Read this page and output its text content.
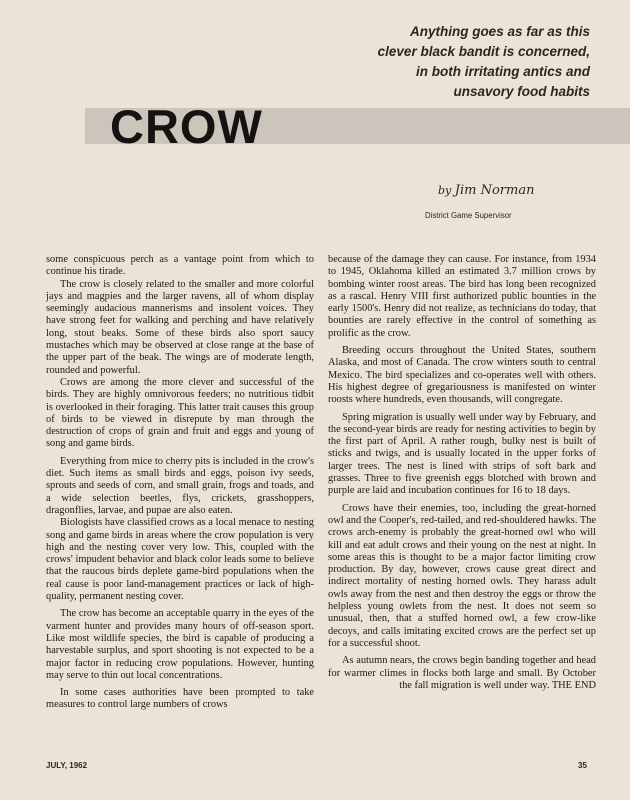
Anything goes as far as this
clever black bandit is concerned,
in both irritating antics and
unsavory food habits
CROW
by Jim Norman
District Game Supervisor

some conspicuous perch as a vantage point from which to continue his tirade.

The crow is closely related to the smaller and more colorful jays and magpies and the larger ravens, all of whom display seemingly audacious mannerisms and insolent voices. They have strong feet for walking and perching and have relatively long, stout beaks. Some of these birds also sport saucy mustaches which may be observed at close range at the base of the upper part of the beak. The wings are of moderate length, rounded and powerful.

Crows are among the more clever and successful of the birds. They are highly omnivorous feeders; no nutritious tidbit is overlooked in their foraging. This latter trait causes this group of birds to be viewed in disrepute by man through the destruction of crops of grain and fruit and eggs and young of song and game birds.

Everything from mice to cherry pits is included in the crow's diet. Such items as small birds and eggs, poison ivy seeds, sprouts and seeds of corn, and small grain, frogs and toads, and a wide selection beetles, flys, crickets, grasshoppers, dragonflies, larvae, and pupae are also eaten.

Biologists have classified crows as a local menace to nesting song and game birds in areas where the crow population is very high and the nesting cover very low. This, coupled with the crows' impudent behavior and black color leads some to believe that the raucous birds deplete game-bird populations when the real cause is poor land-management practices or lack of high-quality, permanent nesting cover.

The crow has become an acceptable quarry in the eyes of the varment hunter and provides many hours of off-season sport. Like most wildlife species, the bird is capable of producing a harvestable surplus, and sport shooting is not expected to be a major factor in reducing crow populations. However, hunting may serve to thin out local concentrations.

In some cases authorities have been prompted to take measures to control large numbers of crows

because of the damage they can cause. For instance, from 1934 to 1945, Oklahoma killed an estimated 3.7 million crows by bombing winter roost areas. The bird has long been recognized as a rascal. Henry VIII first authorized public bounties in the early 1500's. Henry did not realize, as technicians do today, that bounties are rarely effective in the control of something as prolific as the crow.

Breeding occurs throughout the United States, southern Alaska, and most of Canada. The crow winters south to central Mexico. The bird specializes and co-operates well with others. His highest degree of gregariousness is manifested on winter roosts where hundreds, even thousands, will congregate.

Spring migration is usually well under way by February, and the second-year birds are ready for nesting activities to begin by the first part of April. A rather rough, bulky nest is built of sticks and twigs, and is usually located in the upper forks of larger trees. The nest is lined with strips of soft bark and grasses. Three to five greenish eggs blotched with brown and purple are laid and incubation continues for 16 to 18 days.

Crows have their enemies, too, including the great-horned owl and the Cooper's, red-tailed, and red-shouldered hawks. The crows arch-enemy is probably the great-horned owl who will kill and eat adult crows and their young on the nest at night. In some areas this is thought to be a major factor limiting crow production. By day, however, crows cause great direct and indirect mortality of nesting horned owls. They harass adult owls away from the nest and then destroy the eggs or throw the helpless young owlets from the nest. It does not seem so unusual, then, that a stuffed horned owl, a few crow-like decoys, and calls imitating excited crows are the perfect set up for a successful shoot.

As autumn nears, the crows begin banding together and head for warmer climes in flocks both large and small. By October the fall migration is well under way. THE END

JULY, 1962	35
